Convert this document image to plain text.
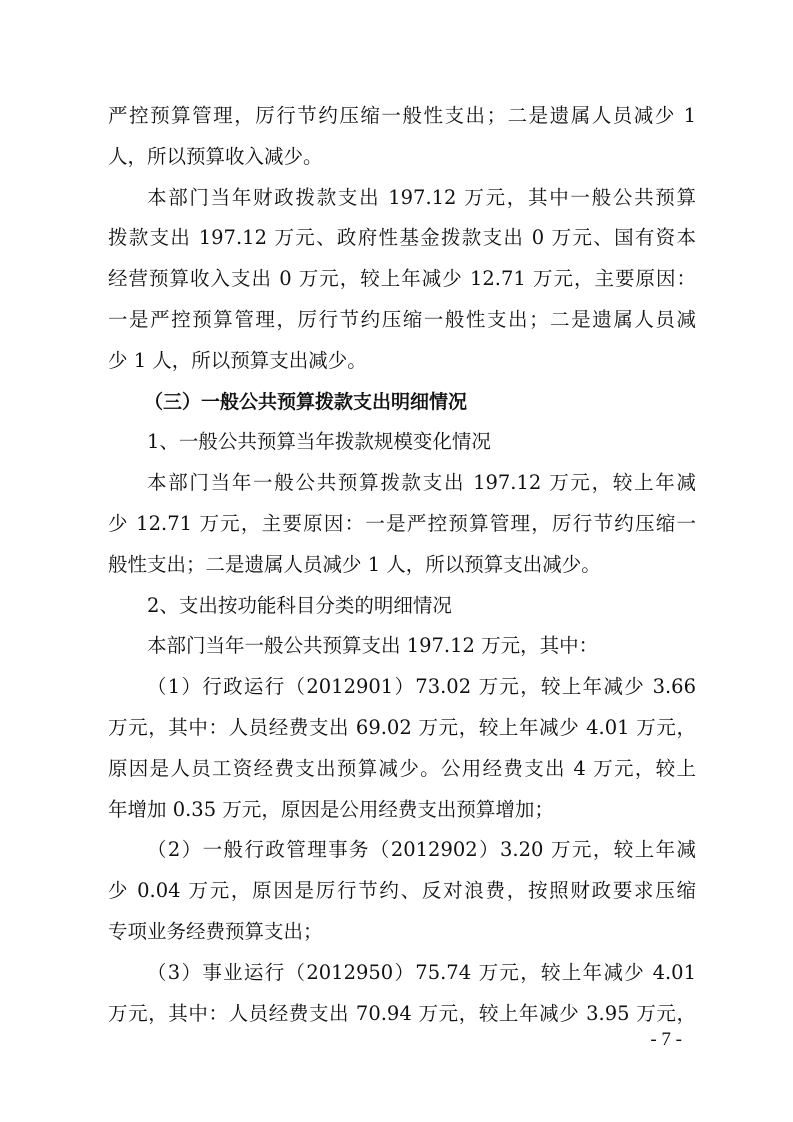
严控预算管理，厉行节约压缩一般性支出；二是遗属人员减少 1

人，所以预算收入减少。

本部门当年财政拨款支出 197.12 万元，其中一般公共预算

拨款支出 197.12 万元、政府性基金拨款支出 0 万元、国有资本

经营预算收入支出 0 万元，较上年减少 12.71 万元，主要原因：

一是严控预算管理，厉行节约压缩一般性支出；二是遗属人员减

少 1 人，所以预算支出减少。

（三）一般公共预算拨款支出明细情况

1、一般公共预算当年拨款规模变化情况

本部门当年一般公共预算拨款支出 197.12 万元，较上年减

少 12.71 万元，主要原因：一是严控预算管理，厉行节约压缩一

般性支出；二是遗属人员减少 1 人，所以预算支出减少。

2、支出按功能科目分类的明细情况

本部门当年一般公共预算支出 197.12 万元，其中：

（1）行政运行（2012901）73.02 万元，较上年减少 3.66

万元，其中：人员经费支出 69.02 万元，较上年减少 4.01 万元，

原因是人员工资经费支出预算减少。公用经费支出 4 万元，较上

年增加 0.35 万元，原因是公用经费支出预算增加；

（2）一般行政管理事务（2012902）3.20 万元，较上年减

少 0.04 万元，原因是厉行节约、反对浪费，按照财政要求压缩

专项业务经费预算支出；

（3）事业运行（2012950）75.74 万元，较上年减少 4.01

万元，其中：人员经费支出 70.94 万元，较上年减少 3.95 万元，

- 7 -
